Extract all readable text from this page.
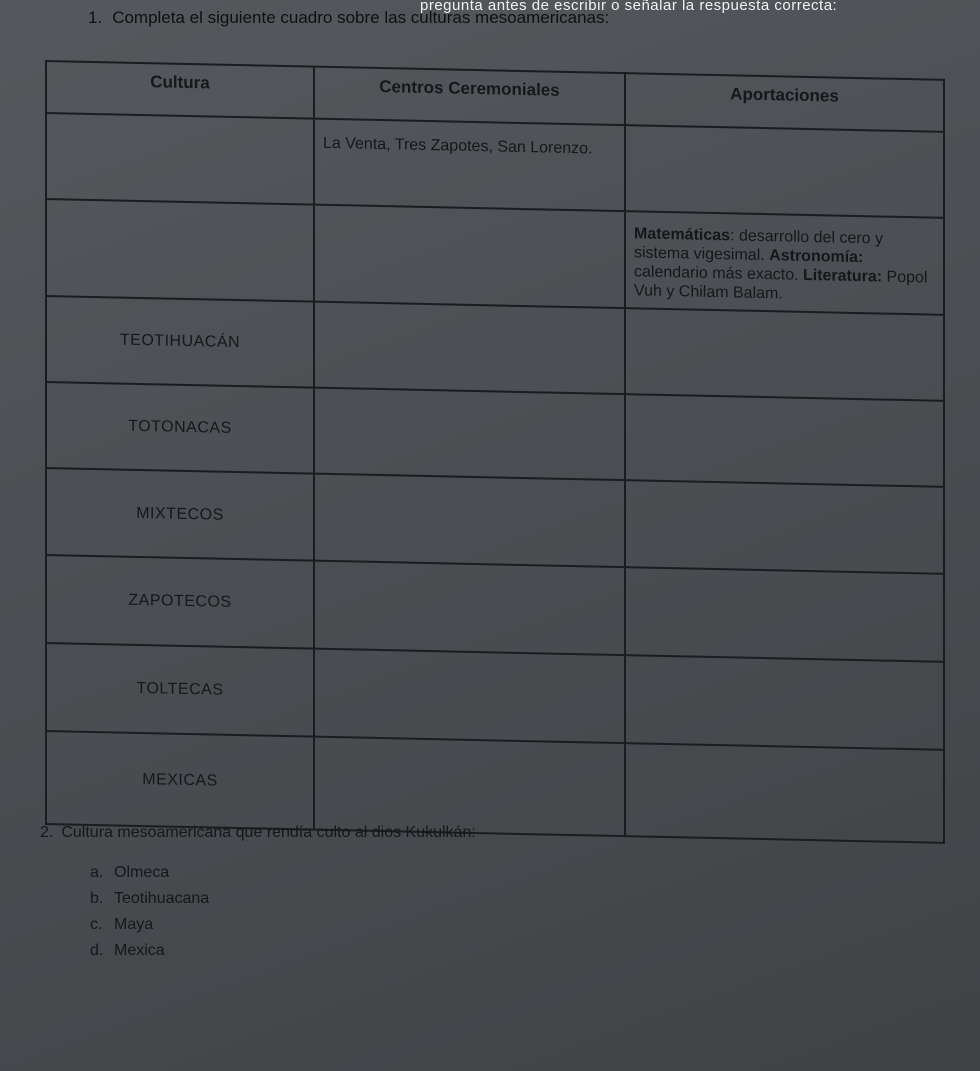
pregunta antes de escribir o señalar la respuesta correcta:
1. Completa el siguiente cuadro sobre las culturas mesoamericanas:
Cultura	Centros Ceremoniales	Aportaciones
	La Venta, Tres Zapotes, San Lorenzo.	
		Matemáticas: desarrollo del cero y sistema vigesimal. Astronomía: calendario más exacto. Literatura: Popol Vuh y Chilam Balam.
TEOTIHUACÁN		
TOTONACAS		
MIXTECOS		
ZAPOTECOS		
TOLTECAS		
MEXICAS		
2. Cultura mesoamericana que rendía culto al dios Kukulkán:
a. Olmeca
b. Teotihuacana
c. Maya
d. Mexica
